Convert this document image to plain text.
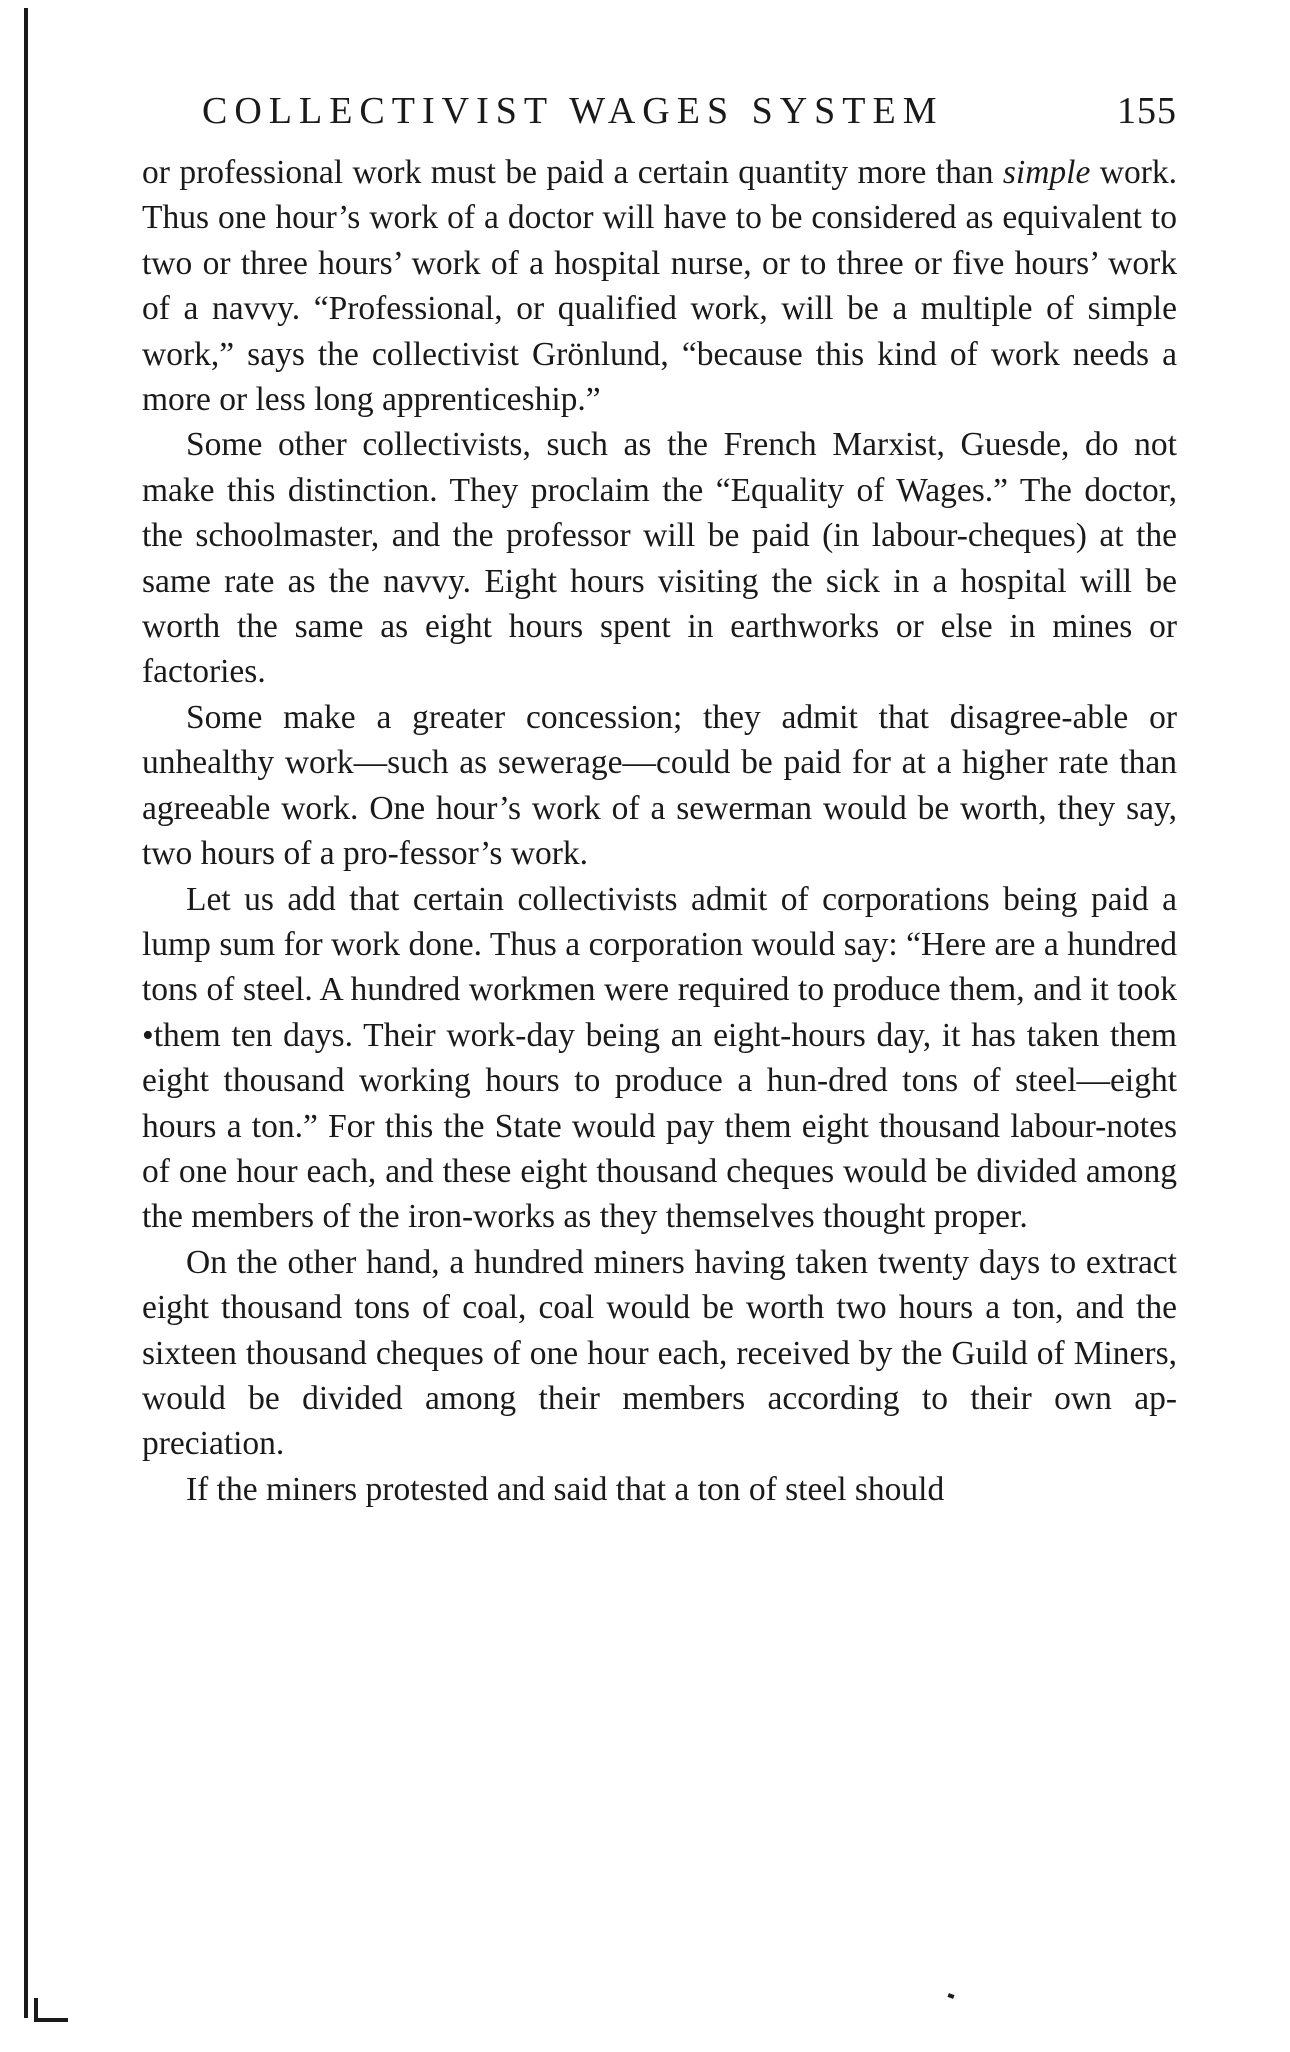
COLLECTIVIST WAGES SYSTEM	155

or professional work must be paid a certain quantity more than simple work. Thus one hour’s work of a doctor will have to be considered as equivalent to two or three hours’ work of a hospital nurse, or to three or five hours’ work of a navvy. “Professional, or qualified work, will be a multiple of simple work,” says the collectivist Grönlund, “because this kind of work needs a more or less long apprenticeship.”

Some other collectivists, such as the French Marxist, Guesde, do not make this distinction. They proclaim the “Equality of Wages.” The doctor, the schoolmaster, and the professor will be paid (in labour-cheques) at the same rate as the navvy. Eight hours visiting the sick in a hospital will be worth the same as eight hours spent in earthworks or else in mines or factories.

Some make a greater concession; they admit that disagree-able or unhealthy work—such as sewerage—could be paid for at a higher rate than agreeable work. One hour’s work of a sewerman would be worth, they say, two hours of a pro-fessor’s work.

Let us add that certain collectivists admit of corporations being paid a lump sum for work done. Thus a corporation would say: “Here are a hundred tons of steel. A hundred workmen were required to produce them, and it took •them ten days. Their work-day being an eight-hours day, it has taken them eight thousand working hours to produce a hun-dred tons of steel—eight hours a ton.” For this the State would pay them eight thousand labour-notes of one hour each, and these eight thousand cheques would be divided among the members of the iron-works as they themselves thought proper.

On the other hand, a hundred miners having taken twenty days to extract eight thousand tons of coal, coal would be worth two hours a ton, and the sixteen thousand cheques of one hour each, received by the Guild of Miners, would be divided among their members according to their own ap-preciation.

If the miners protested and said that a ton of steel should
